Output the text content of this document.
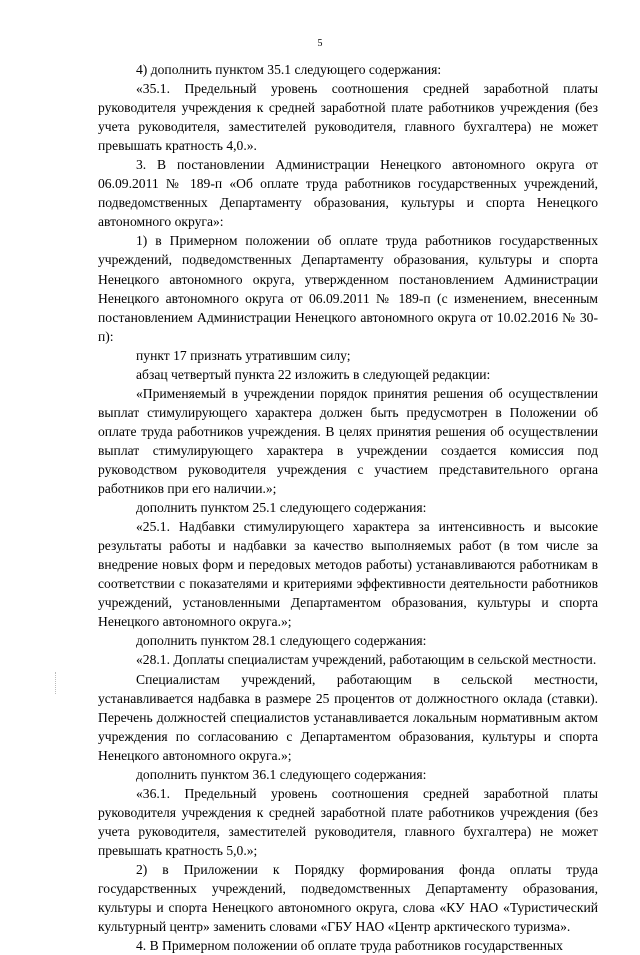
5

4) дополнить пунктом 35.1 следующего содержания:

«35.1. Предельный уровень соотношения средней заработной платы руководителя учреждения к средней заработной плате работников учреждения (без учета руководителя, заместителей руководителя, главного бухгалтера) не может превышать кратность 4,0.».

3. В постановлении Администрации Ненецкого автономного округа от 06.09.2011 № 189-п «Об оплате труда работников государственных учреждений, подведомственных Департаменту образования, культуры и спорта Ненецкого автономного округа»:

1) в Примерном положении об оплате труда работников государственных учреждений, подведомственных Департаменту образования, культуры и спорта Ненецкого автономного округа, утвержденном постановлением Администрации Ненецкого автономного округа от 06.09.2011 № 189-п (с изменением, внесенным постановлением Администрации Ненецкого автономного округа от 10.02.2016 № 30-п):

пункт 17 признать утратившим силу;

абзац четвертый пункта 22 изложить в следующей редакции:

«Применяемый в учреждении порядок принятия решения об осуществлении выплат стимулирующего характера должен быть предусмотрен в Положении об оплате труда работников учреждения. В целях принятия решения об осуществлении выплат стимулирующего характера в учреждении создается комиссия под руководством руководителя учреждения с участием представительного органа работников при его наличии.»;

дополнить пунктом 25.1 следующего содержания:

«25.1. Надбавки стимулирующего характера за интенсивность и высокие результаты работы и надбавки за качество выполняемых работ (в том числе за внедрение новых форм и передовых методов работы) устанавливаются работникам в соответствии с показателями и критериями эффективности деятельности работников учреждений, установленными Департаментом образования, культуры и спорта Ненецкого автономного округа.»;

дополнить пунктом 28.1 следующего содержания:

«28.1. Доплаты специалистам учреждений, работающим в сельской местности.

Специалистам учреждений, работающим в сельской местности, устанавливается надбавка в размере 25 процентов от должностного оклада (ставки). Перечень должностей специалистов устанавливается локальным нормативным актом учреждения по согласованию с Департаментом образования, культуры и спорта Ненецкого автономного округа.»;

дополнить пунктом 36.1 следующего содержания:

«36.1. Предельный уровень соотношения средней заработной платы руководителя учреждения к средней заработной плате работников учреждения (без учета руководителя, заместителей руководителя, главного бухгалтера) не может превышать кратность 5,0.»;

2) в Приложении к Порядку формирования фонда оплаты труда государственных учреждений, подведомственных Департаменту образования, культуры и спорта Ненецкого автономного округа, слова «КУ НАО «Туристический культурный центр» заменить словами «ГБУ НАО «Центр арктического туризма».

4. В Примерном положении об оплате труда работников государственных
